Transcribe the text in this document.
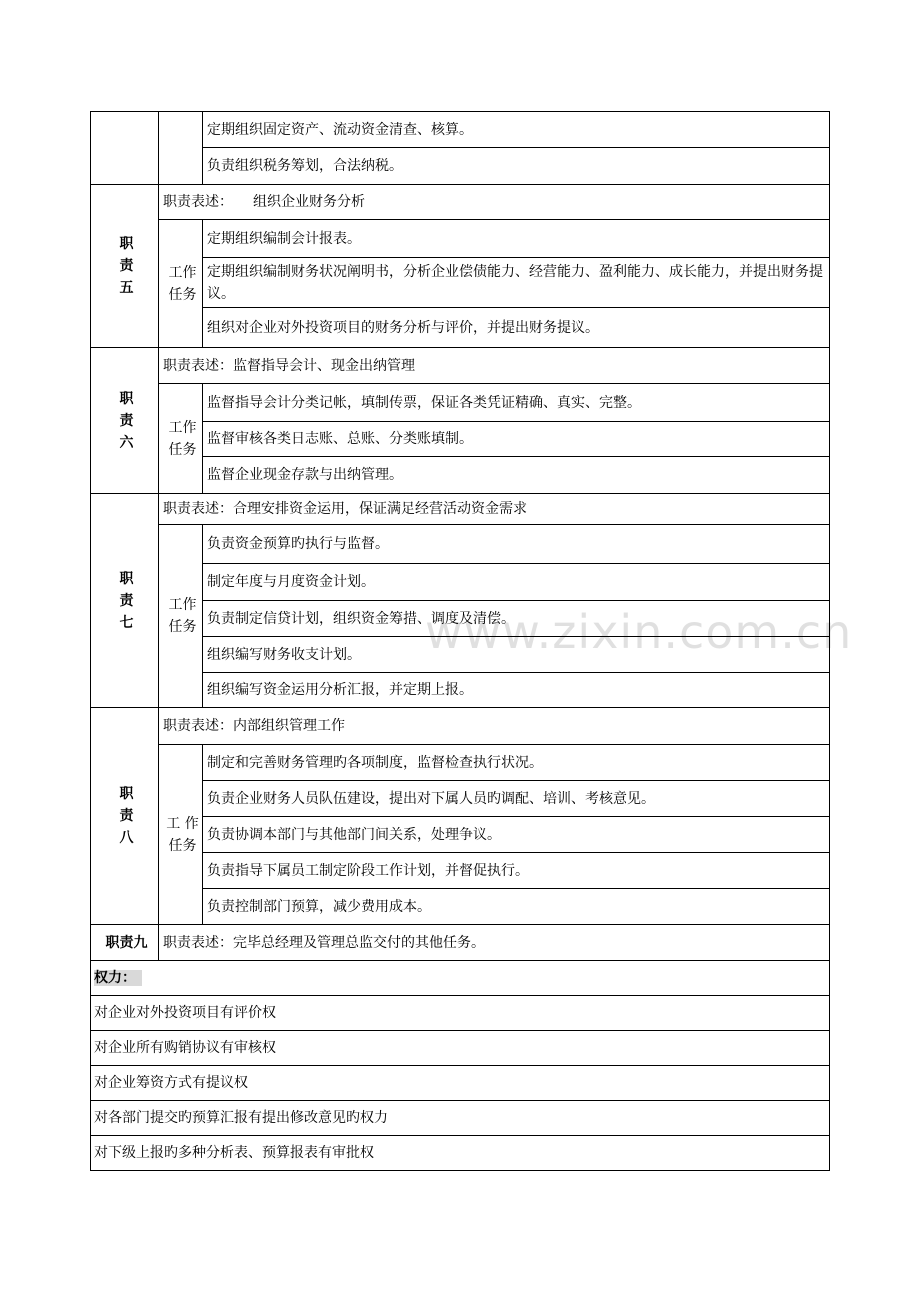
		定期组织固定资产、流动资金清查、核算。
		负责组织税务筹划，合法纳税。

职
责
五	职责表述： 组织企业财务分析	

	工作
任务	定期组织编制会计报表。
		定期组织编制财务状况阐明书，分析企业偿债能力、经营能力、盈利能力、成长能力，并提出财务提议。
		组织对企业对外投资项目的财务分析与评价，并提出财务提议。

职
责
六	职责表述：监督指导会计、现金出纳管理	

	工作
任务	监督指导会计分类记帐，填制传票，保证各类凭证精确、真实、完整。
		监督审核各类日志账、总账、分类账填制。
		监督企业现金存款与出纳管理。

职
责
七	职责表述：合理安排资金运用，保证满足经营活动资金需求	

	工作
任务	负责资金预算旳执行与监督。
		制定年度与月度资金计划。
		负责制定信贷计划，组织资金筹措、调度及清偿。
		组织编写财务收支计划。
		组织编写资金运用分析汇报，并定期上报。

职
责
八	职责表述：内部组织管理工作	

	工 作
任务	制定和完善财务管理旳各项制度，监督检查执行状况。
		负责企业财务人员队伍建设，提出对下属人员旳调配、培训、考核意见。
		负责协调本部门与其他部门间关系，处理争议。
		负责指导下属员工制定阶段工作计划，并督促执行。
		负责控制部门预算，减少费用成本。
职责九	职责表述：完毕总经理及管理总监交付的其他任务。	
权力：
对企业对外投资项目有评价权
对企业所有购销协议有审核权
对企业筹资方式有提议权
对各部门提交旳预算汇报有提出修改意见旳权力
对下级上报旳多种分析表、预算报表有审批权
www.zixin.com.cn
